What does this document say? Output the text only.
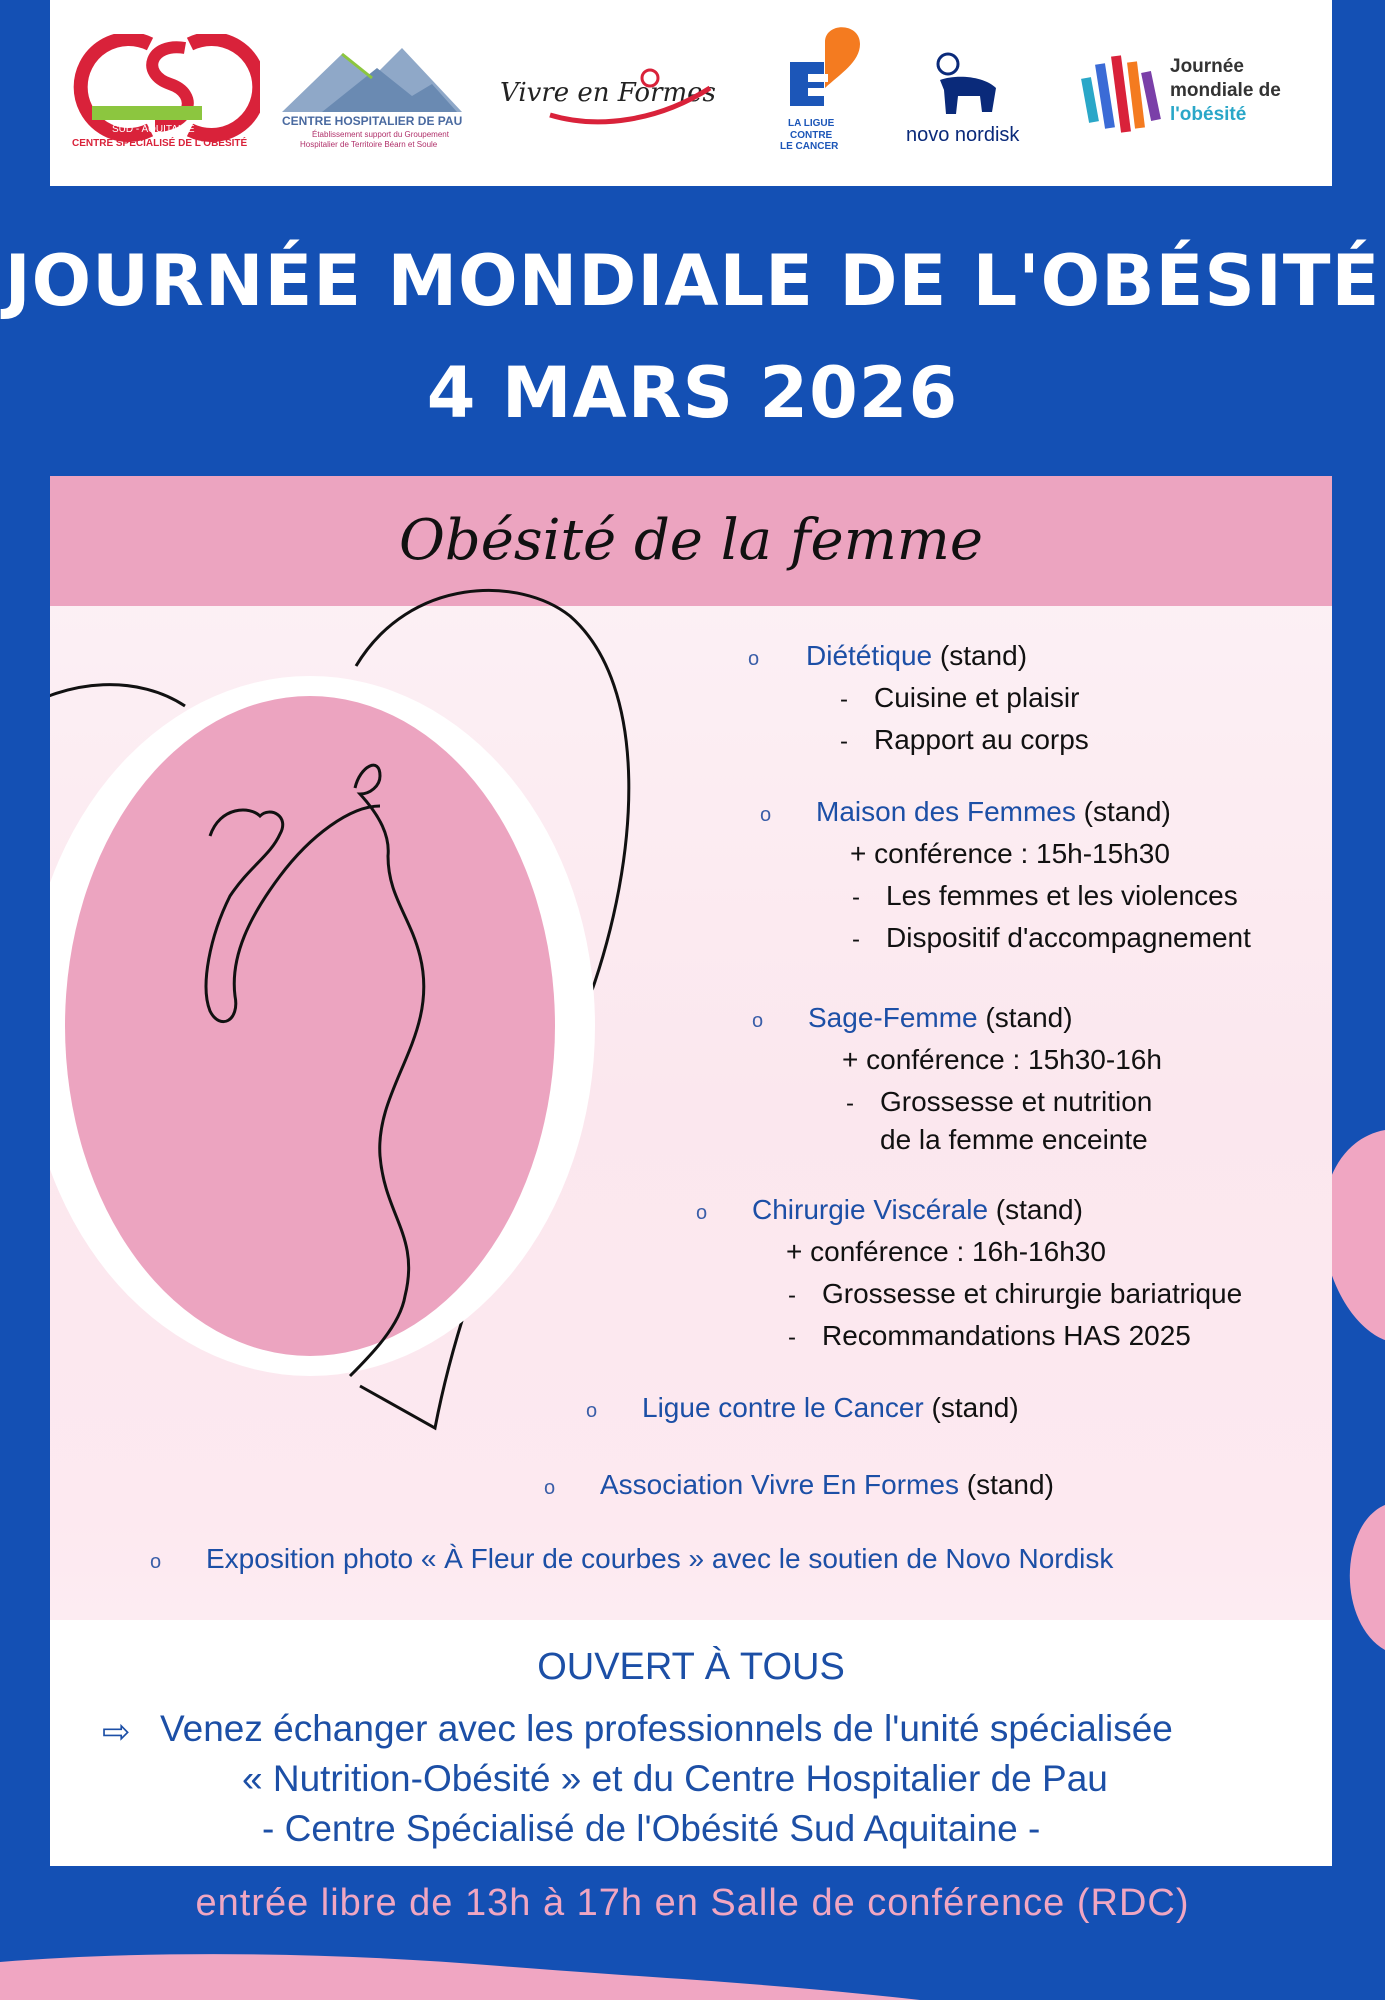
SUD - AQUITAINE
CENTRE SPÉCIALISÉ DE L'OBÉSITÉ
CENTRE HOSPITALIER DE PAU
Établissement support du Groupement
Hospitalier de Territoire Béarn et Soule
Vivre en Formes
LA LIGUE
CONTRE
LE CANCER
novo nordisk
Journée
mondiale de
l'obésité
JOURNÉE MONDIALE DE L'OBÉSITÉ
4 MARS 2026
Obésité de la femme
o Diététique (stand)
- Cuisine et plaisir
- Rapport au corps
o Maison des Femmes (stand)
+ conférence : 15h-15h30
- Les femmes et les violences
- Dispositif d'accompagnement
o Sage-Femme (stand)
+ conférence : 15h30-16h
- Grossesse et nutrition
de la femme enceinte
o Chirurgie Viscérale (stand)
+ conférence : 16h-16h30
- Grossesse et chirurgie bariatrique
- Recommandations HAS 2025
o Ligue contre le Cancer (stand)
o Association Vivre En Formes (stand)
o Exposition photo « À Fleur de courbes » avec le soutien de Novo Nordisk
OUVERT À TOUS
⇨ Venez échanger avec les professionnels de l'unité spécialisée
« Nutrition-Obésité » et du Centre Hospitalier de Pau
- Centre Spécialisé de l'Obésité Sud Aquitaine -
entrée libre de 13h à 17h en Salle de conférence (RDC)
